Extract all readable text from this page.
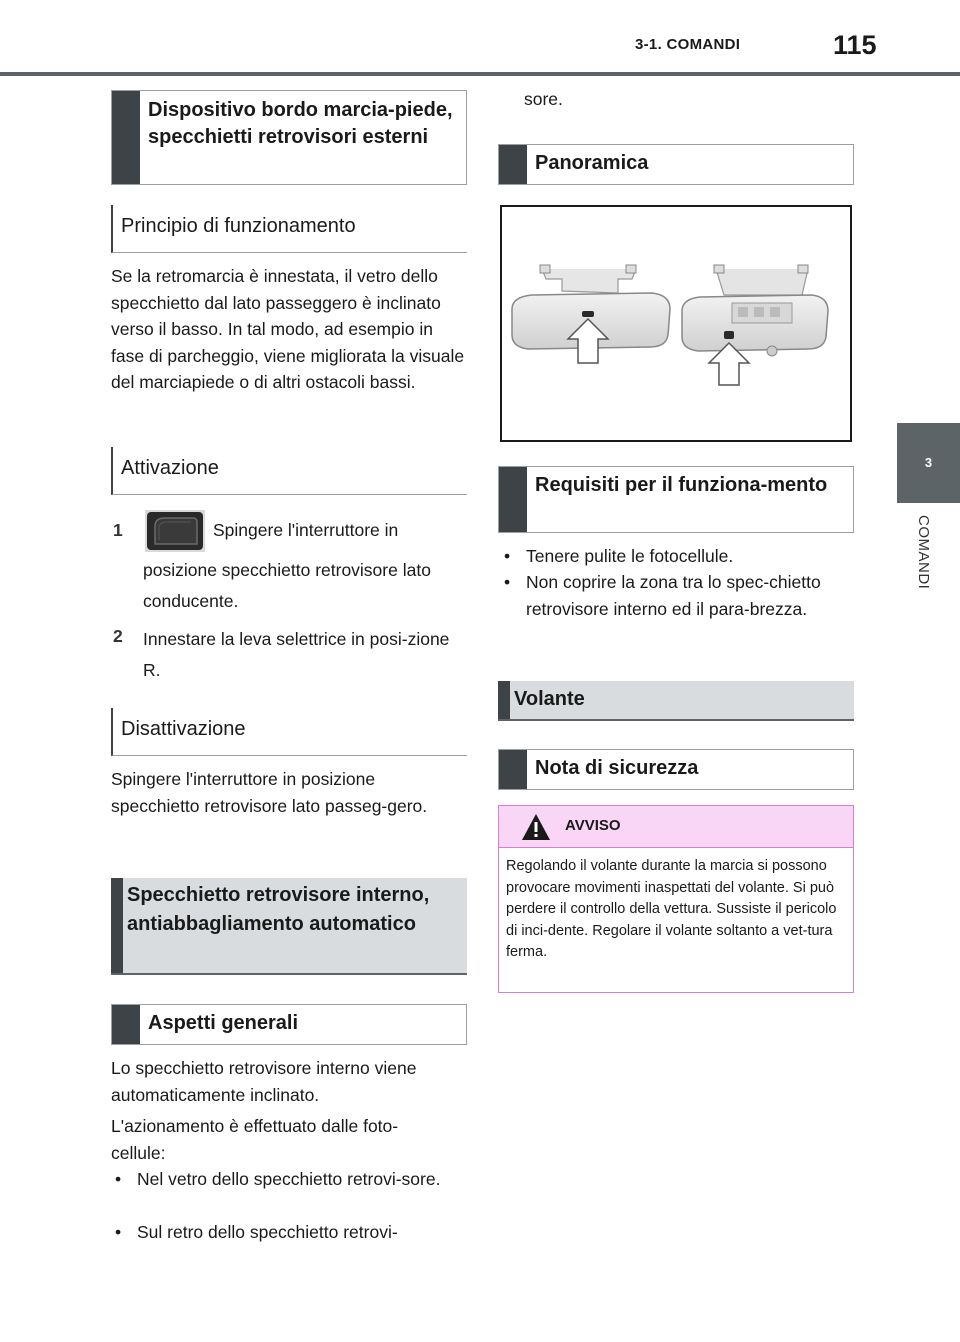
3-1. COMANDI	115
3
COMANDI
Dispositivo bordo marcia-piede, specchietti retrovisori esterni
Principio di funzionamento
Se la retromarcia è innestata, il vetro dello specchietto dal lato passeggero è inclinato verso il basso. In tal modo, ad esempio in fase di parcheggio, viene migliorata la visuale del marciapiede o di altri ostacoli bassi.
Attivazione
1	Spingere l'interruttore in
posizione specchietto retrovisore lato conducente.
2 Innestare la leva selettrice in posi-zione R.
Disattivazione
Spingere l'interruttore in posizione specchietto retrovisore lato passeg-gero.
Specchietto retrovisore interno, antiabbagliamento automatico
Aspetti generali
Lo specchietto retrovisore interno viene automaticamente inclinato.
L'azionamento è effettuato dalle foto-cellule:
• Nel vetro dello specchietto retrovi-sore.
• Sul retro dello specchietto retrovi-
sore.
Panoramica
Requisiti per il funziona-mento
• Tenere pulite le fotocellule.
• Non coprire la zona tra lo spec-chietto retrovisore interno ed il para-brezza.
Volante
Nota di sicurezza
AVVISO
Regolando il volante durante la marcia si possono provocare movimenti inaspettati del volante. Si può perdere il controllo della vettura. Sussiste il pericolo di inci-dente. Regolare il volante soltanto a vet-tura ferma.
